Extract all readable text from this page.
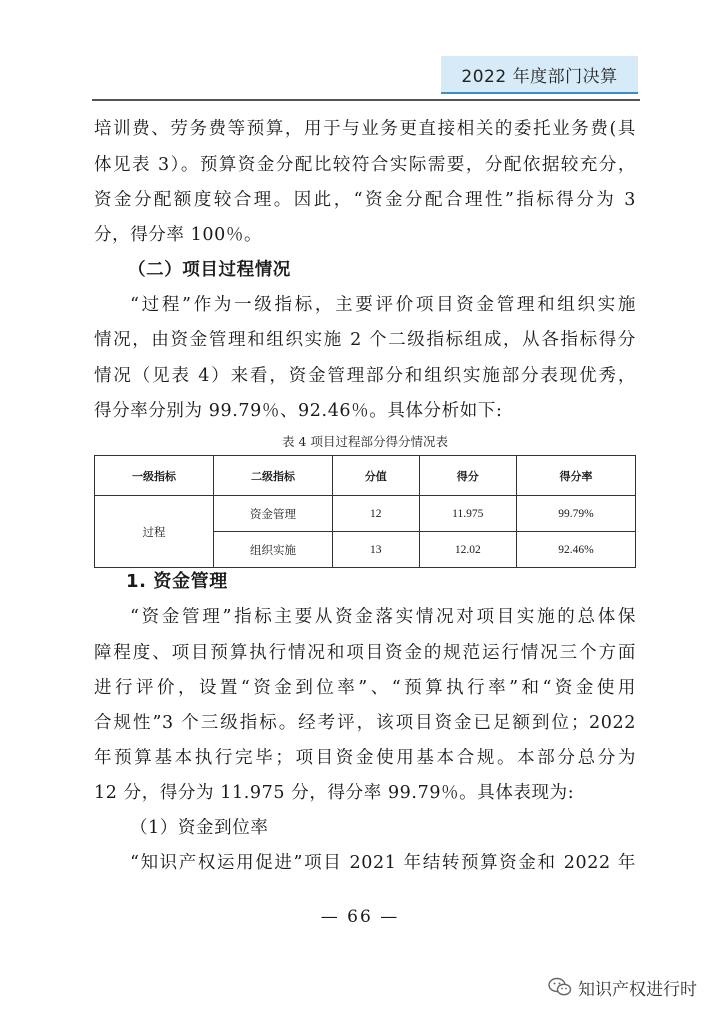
2022 年度部门决算
培训费、劳务费等预算，用于与业务更直接相关的委托业务费(具
体见表 3）。预算资金分配比较符合实际需要，分配依据较充分，
资金分配额度较合理。因此，“资金分配合理性”指标得分为 3
分，得分率 100％。
（二）项目过程情况
“过程”作为一级指标，主要评价项目资金管理和组织实施
情况，由资金管理和组织实施 2 个二级指标组成，从各指标得分
情况（见表 4）来看，资金管理部分和组织实施部分表现优秀，
得分率分别为 99.79％、92.46％。具体分析如下:
表 4 项目过程部分得分情况表
一级指标	二级指标	分值	得分	得分率
过程	资金管理	12	11.975	99.79%
	组织实施	13	12.02	92.46%
1. 资金管理
“资金管理”指标主要从资金落实情况对项目实施的总体保
障程度、项目预算执行情况和项目资金的规范运行情况三个方面
进行评价，设置“资金到位率”、“预算执行率”和“资金使用
合规性”3 个三级指标。经考评，该项目资金已足额到位；2022
年预算基本执行完毕；项目资金使用基本合规。本部分总分为
12 分，得分为 11.975 分，得分率 99.79％。具体表现为:
（1）资金到位率
“知识产权运用促进”项目 2021 年结转预算资金和 2022 年
— 66 —
知识产权进行时
